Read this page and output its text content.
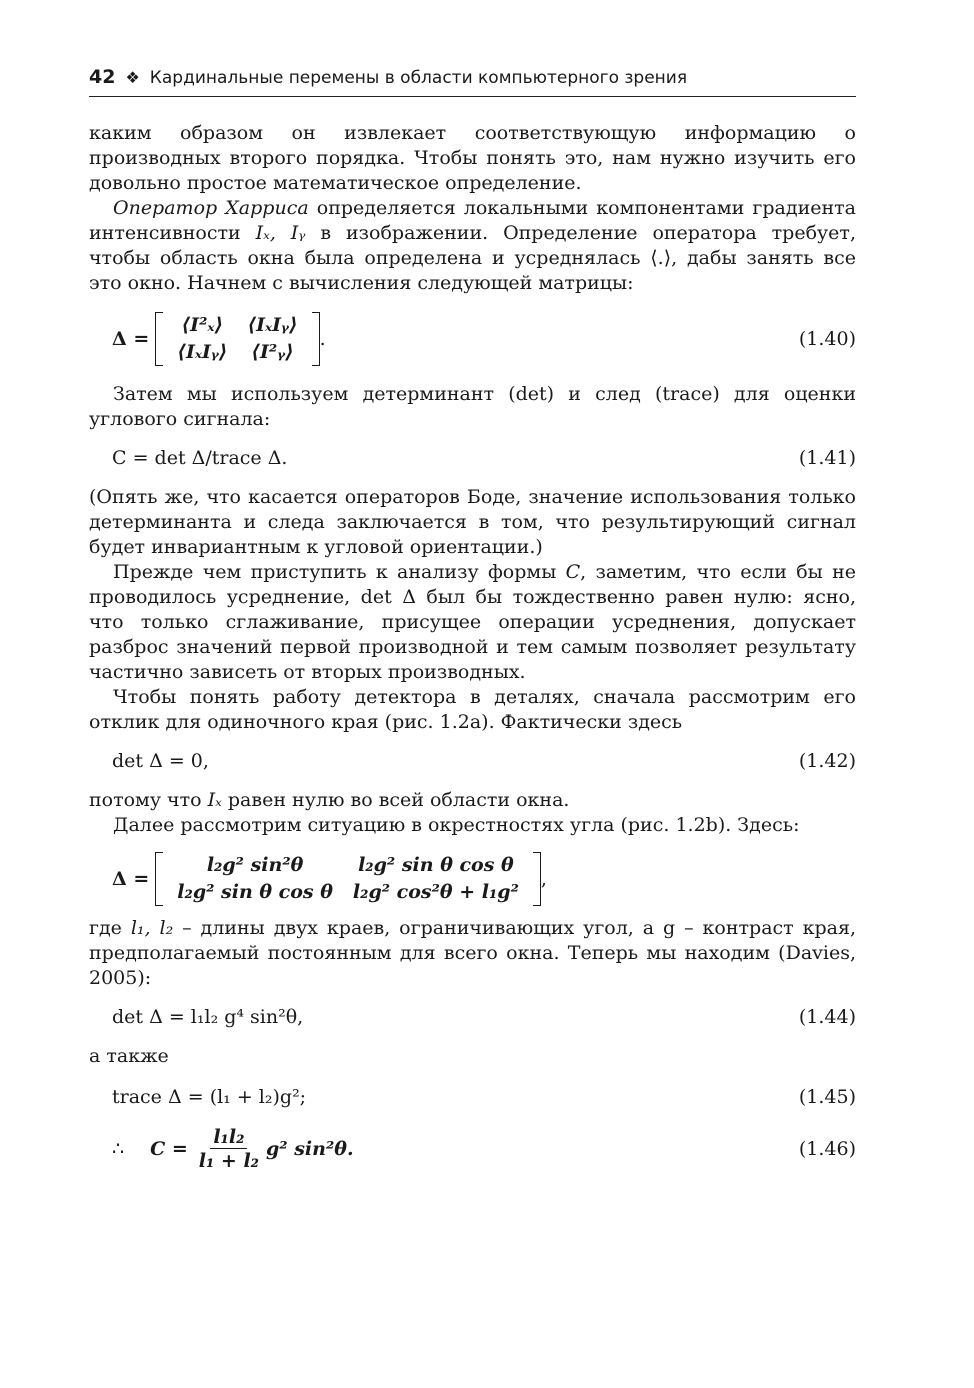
42 ❖ Кардинальные перемены в области компьютерного зрения

каким образом он извлекает соответствующую информацию о производных второго порядка. Чтобы понять это, нам нужно изучить его довольно простое математическое определение.

Оператор Харриса определяется локальными компонентами градиента интенсивности Iₓ, Iᵧ в изображении. Определение оператора требует, чтобы область окна была определена и усреднялась ⟨.⟩, дабы занять все это окно. Начнем с вычисления следующей матрицы:

Δ =
⟨I²ₓ⟩	⟨IₓIᵧ⟩
⟨IₓIᵧ⟩	⟨I²ᵧ⟩
.	(1.40)

Затем мы используем детерминант (det) и след (trace) для оценки углового сигнала:

C = det Δ/trace Δ.	(1.41)

(Опять же, что касается операторов Боде, значение использования только детерминанта и следа заключается в том, что результирующий сигнал будет инвариантным к угловой ориентации.)

Прежде чем приступить к анализу формы C, заметим, что если бы не проводилось усреднение, det Δ был бы тождественно равен нулю: ясно, что только сглаживание, присущее операции усреднения, допускает разброс значений первой производной и тем самым позволяет результату частично зависеть от вторых производных.

Чтобы понять работу детектора в деталях, сначала рассмотрим его отклик для одиночного края (рис. 1.2a). Фактически здесь

det Δ = 0,	(1.42)

потому что Iₓ равен нулю во всей области окна.

Далее рассмотрим ситуацию в окрестностях угла (рис. 1.2b). Здесь:

Δ =
l₂g² sin²θ	l₂g² sin θ cos θ
l₂g² sin θ cos θ	l₂g² cos²θ + l₁g²
,

где l₁, l₂ – длины двух краев, ограничивающих угол, а g – контраст края, предполагаемый постоянным для всего окна. Теперь мы находим (Davies, 2005):

det Δ = l₁l₂ g⁴ sin²θ,	(1.44)

а также

trace Δ = (l₁ + l₂)g²;	(1.45)
∴ $C = \frac{\text{l₁l₂}}{\text{l₁ + l₂}} g^2$ sin²θ.	(1.46)
